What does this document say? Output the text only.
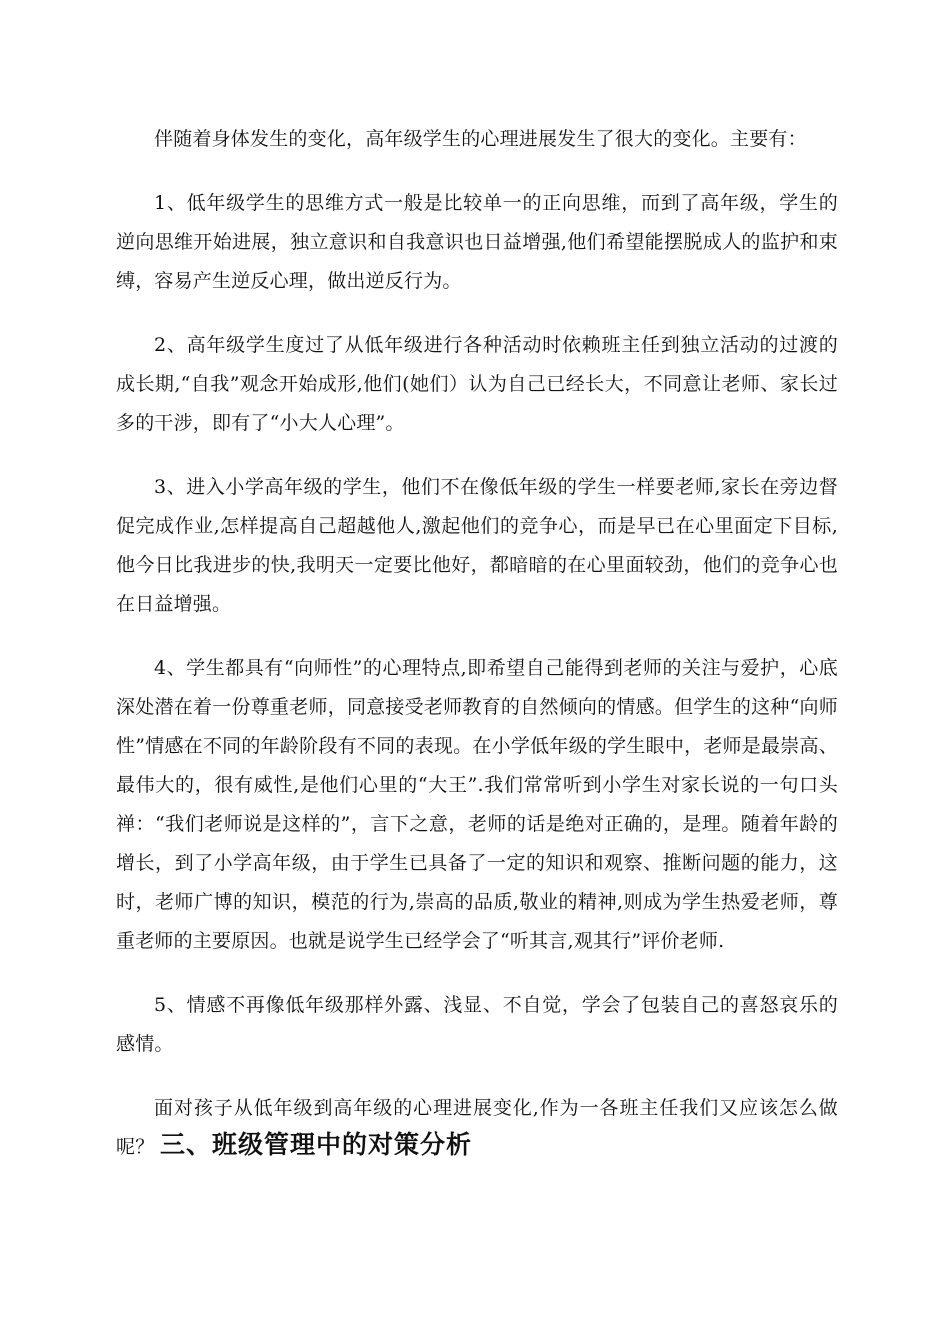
伴随着身体发生的变化，高年级学生的心理进展发生了很大的变化。主要有：

1、低年级学生的思维方式一般是比较单一的正向思维，而到了高年级，学生的逆向思维开始进展，独立意识和自我意识也日益增强,他们希望能摆脱成人的监护和束缚，容易产生逆反心理，做出逆反行为。

2、高年级学生度过了从低年级进行各种活动时依赖班主任到独立活动的过渡的成长期,“自我”观念开始成形,他们(她们）认为自己已经长大，不同意让老师、家长过多的干涉，即有了“小大人心理”。

3、进入小学高年级的学生，他们不在像低年级的学生一样要老师,家长在旁边督促完成作业,怎样提高自己超越他人,激起他们的竞争心，而是早已在心里面定下目标,他今日比我进步的快,我明天一定要比他好，都暗暗的在心里面较劲，他们的竞争心也在日益增强。

4、学生都具有“向师性”的心理特点,即希望自己能得到老师的关注与爱护，心底深处潜在着一份尊重老师，同意接受老师教育的自然倾向的情感。但学生的这种“向师性”情感在不同的年龄阶段有不同的表现。在小学低年级的学生眼中，老师是最崇高、最伟大的，很有威性,是他们心里的“大王”.我们常常听到小学生对家长说的一句口头禅：“我们老师说是这样的”，言下之意，老师的话是绝对正确的，是理。随着年龄的增长，到了小学高年级，由于学生已具备了一定的知识和观察、推断问题的能力，这时，老师广博的知识，模范的行为,崇高的品质,敬业的精神,则成为学生热爱老师，尊重老师的主要原因。也就是说学生已经学会了“听其言,观其行”评价老师.

5、情感不再像低年级那样外露、浅显、不自觉，学会了包装自己的喜怒哀乐的感情。

面对孩子从低年级到高年级的心理进展变化,作为一各班主任我们又应该怎么做呢？ 三、班级管理中的对策分析
